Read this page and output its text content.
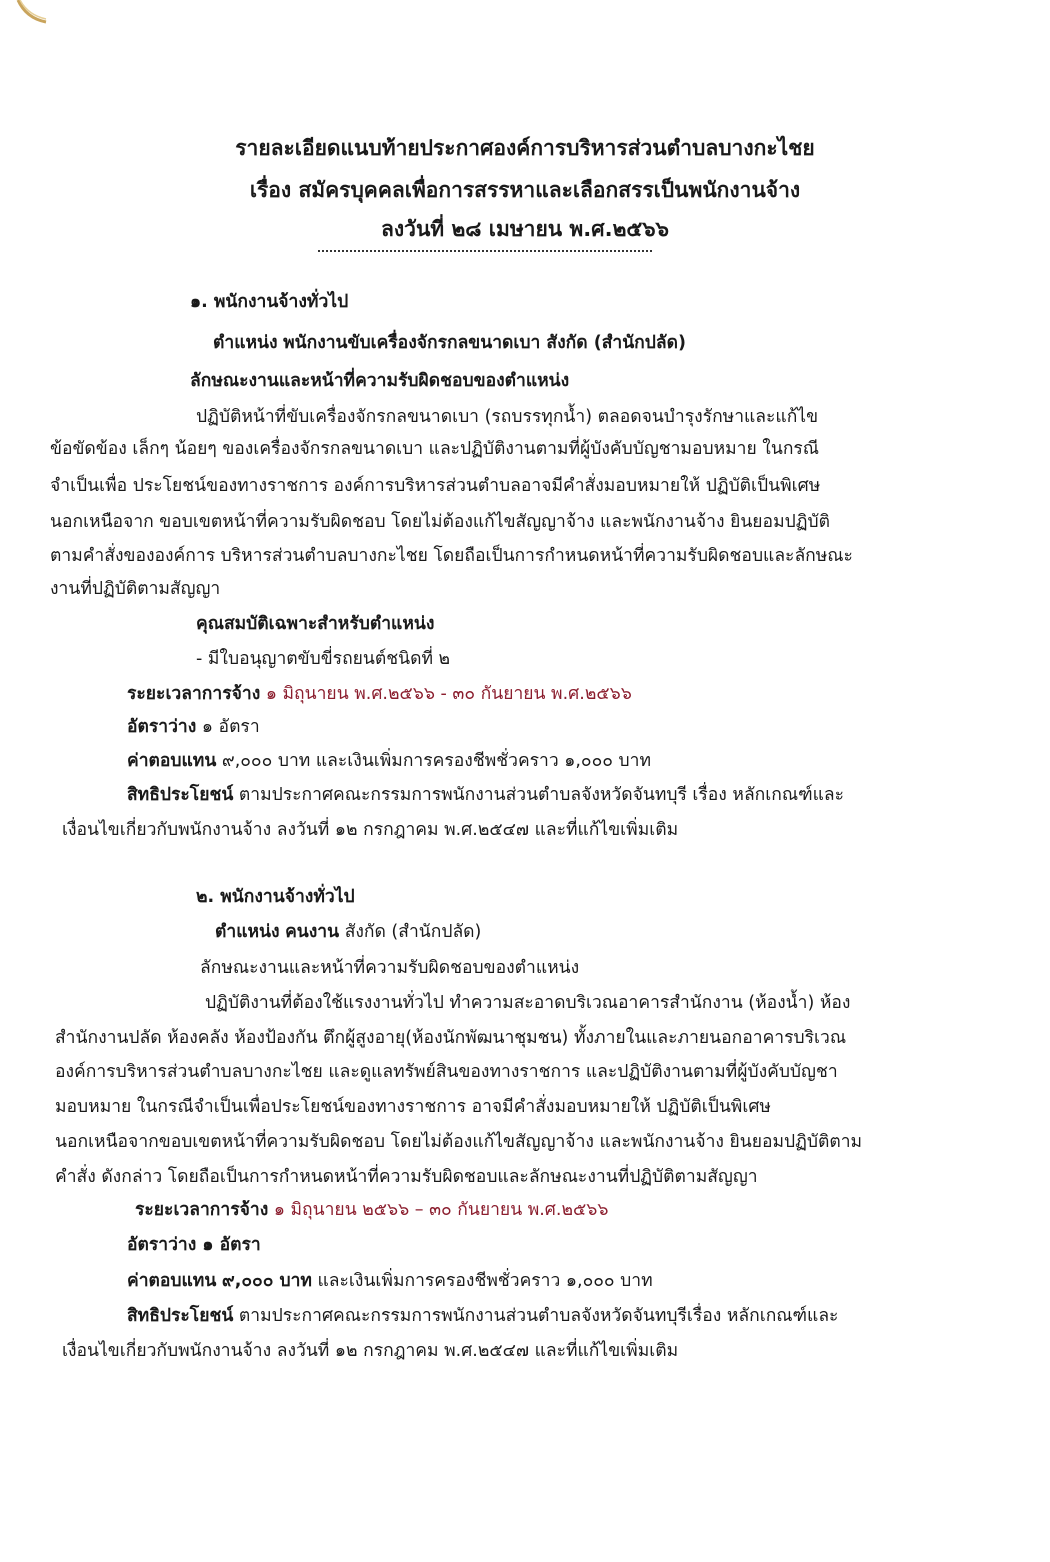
รายละเอียดแนบท้ายประกาศองค์การบริหารส่วนตำบลบางกะไชย
เรื่อง สมัครบุคคลเพื่อการสรรหาและเลือกสรรเป็นพนักงานจ้าง
ลงวันที่ ๒๘ เมษายน พ.ศ.๒๕๖๖
๑. พนักงานจ้างทั่วไป
ตำแหน่ง พนักงานขับเครื่องจักรกลขนาดเบา สังกัด (สำนักปลัด)
ลักษณะงานและหน้าที่ความรับผิดชอบของตำแหน่ง
ปฏิบัติหน้าที่ขับเครื่องจักรกลขนาดเบา (รถบรรทุกน้ำ) ตลอดจนบำรุงรักษาและแก้ไข
ข้อขัดข้อง เล็กๆ น้อยๆ ของเครื่องจักรกลขนาดเบา และปฏิบัติงานตามที่ผู้บังคับบัญชามอบหมาย ในกรณี
จำเป็นเพื่อ ประโยชน์ของทางราชการ องค์การบริหารส่วนตำบลอาจมีคำสั่งมอบหมายให้ ปฏิบัติเป็นพิเศษ
นอกเหนือจาก ขอบเขตหน้าที่ความรับผิดชอบ โดยไม่ต้องแก้ไขสัญญาจ้าง และพนักงานจ้าง ยินยอมปฏิบัติ
ตามคำสั่งขององค์การ บริหารส่วนตำบลบางกะไชย โดยถือเป็นการกำหนดหน้าที่ความรับผิดชอบและลักษณะ
งานที่ปฏิบัติตามสัญญา
คุณสมบัติเฉพาะสำหรับตำแหน่ง
- มีใบอนุญาตขับขี่รถยนต์ชนิดที่ ๒
ระยะเวลาการจ้าง ๑ มิถุนายน พ.ศ.๒๕๖๖ - ๓๐ กันยายน พ.ศ.๒๕๖๖
อัตราว่าง ๑ อัตรา
ค่าตอบแทน ๙,๐๐๐ บาท และเงินเพิ่มการครองชีพชั่วคราว ๑,๐๐๐ บาท
สิทธิประโยชน์ ตามประกาศคณะกรรมการพนักงานส่วนตำบลจังหวัดจันทบุรี เรื่อง หลักเกณฑ์และ
เงื่อนไขเกี่ยวกับพนักงานจ้าง ลงวันที่ ๑๒ กรกฎาคม พ.ศ.๒๕๔๗ และที่แก้ไขเพิ่มเติม
๒. พนักงานจ้างทั่วไป
ตำแหน่ง คนงาน สังกัด (สำนักปลัด)
ลักษณะงานและหน้าที่ความรับผิดชอบของตำแหน่ง
ปฏิบัติงานที่ต้องใช้แรงงานทั่วไป ทำความสะอาดบริเวณอาคารสำนักงาน (ห้องน้ำ) ห้อง
สำนักงานปลัด ห้องคลัง ห้องป้องกัน ตึกผู้สูงอายุ(ห้องนักพัฒนาชุมชน) ทั้งภายในและภายนอกอาคารบริเวณ
องค์การบริหารส่วนตำบลบางกะไชย และดูแลทรัพย์สินของทางราชการ และปฏิบัติงานตามที่ผู้บังคับบัญชา
มอบหมาย ในกรณีจำเป็นเพื่อประโยชน์ของทางราชการ อาจมีคำสั่งมอบหมายให้ ปฏิบัติเป็นพิเศษ
นอกเหนือจากขอบเขตหน้าที่ความรับผิดชอบ โดยไม่ต้องแก้ไขสัญญาจ้าง และพนักงานจ้าง ยินยอมปฏิบัติตาม
คำสั่ง ดังกล่าว โดยถือเป็นการกำหนดหน้าที่ความรับผิดชอบและลักษณะงานที่ปฏิบัติตามสัญญา
ระยะเวลาการจ้าง ๑ มิถุนายน ๒๕๖๖ – ๓๐ กันยายน พ.ศ.๒๕๖๖
อัตราว่าง ๑ อัตรา
ค่าตอบแทน ๙,๐๐๐ บาท และเงินเพิ่มการครองชีพชั่วคราว ๑,๐๐๐ บาท
สิทธิประโยชน์ ตามประกาศคณะกรรมการพนักงานส่วนตำบลจังหวัดจันทบุรีเรื่อง หลักเกณฑ์และ
เงื่อนไขเกี่ยวกับพนักงานจ้าง ลงวันที่ ๑๒ กรกฎาคม พ.ศ.๒๕๔๗ และที่แก้ไขเพิ่มเติม
